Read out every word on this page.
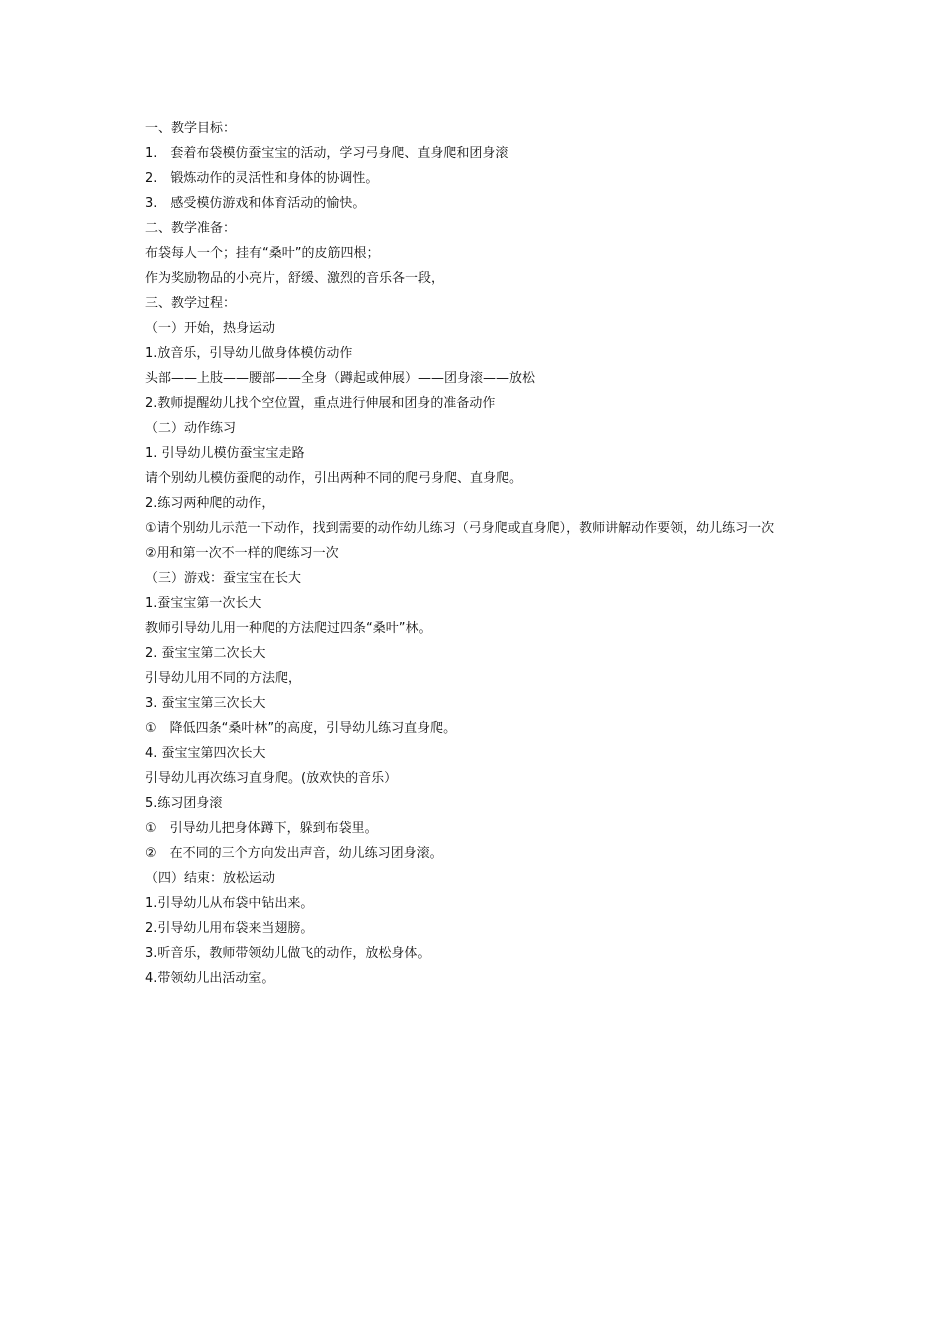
一、教学目标：
1.　套着布袋模仿蚕宝宝的活动，学习弓身爬、直身爬和团身滚
2.　锻炼动作的灵活性和身体的协调性。
3.　感受模仿游戏和体育活动的愉快。
二、教学准备：
布袋每人一个；挂有“桑叶”的皮筋四根；
作为奖励物品的小亮片，舒缓、激烈的音乐各一段，
三、教学过程：
（一）开始，热身运动
1.放音乐，引导幼儿做身体模仿动作
头部——上肢——腰部——全身（蹲起或伸展）——团身滚——放松
2.教师提醒幼儿找个空位置，重点进行伸展和团身的准备动作
（二）动作练习
1. 引导幼儿模仿蚕宝宝走路
请个别幼儿模仿蚕爬的动作，引出两种不同的爬弓身爬、直身爬。
2.练习两种爬的动作，
①请个别幼儿示范一下动作，找到需要的动作幼儿练习（弓身爬或直身爬），教师讲解动作要领，幼儿练习一次
②用和第一次不一样的爬练习一次
（三）游戏：蚕宝宝在长大
1.蚕宝宝第一次长大
教师引导幼儿用一种爬的方法爬过四条“桑叶”林。
2. 蚕宝宝第二次长大
引导幼儿用不同的方法爬，
3. 蚕宝宝第三次长大
①　降低四条“桑叶林”的高度，引导幼儿练习直身爬。
4. 蚕宝宝第四次长大
引导幼儿再次练习直身爬。(放欢快的音乐）
5.练习团身滚
①　引导幼儿把身体蹲下，躲到布袋里。
②　在不同的三个方向发出声音，幼儿练习团身滚。
（四）结束：放松运动
1.引导幼儿从布袋中钻出来。
2.引导幼儿用布袋来当翅膀。
3.听音乐，教师带领幼儿做飞的动作，放松身体。
4.带领幼儿出活动室。
